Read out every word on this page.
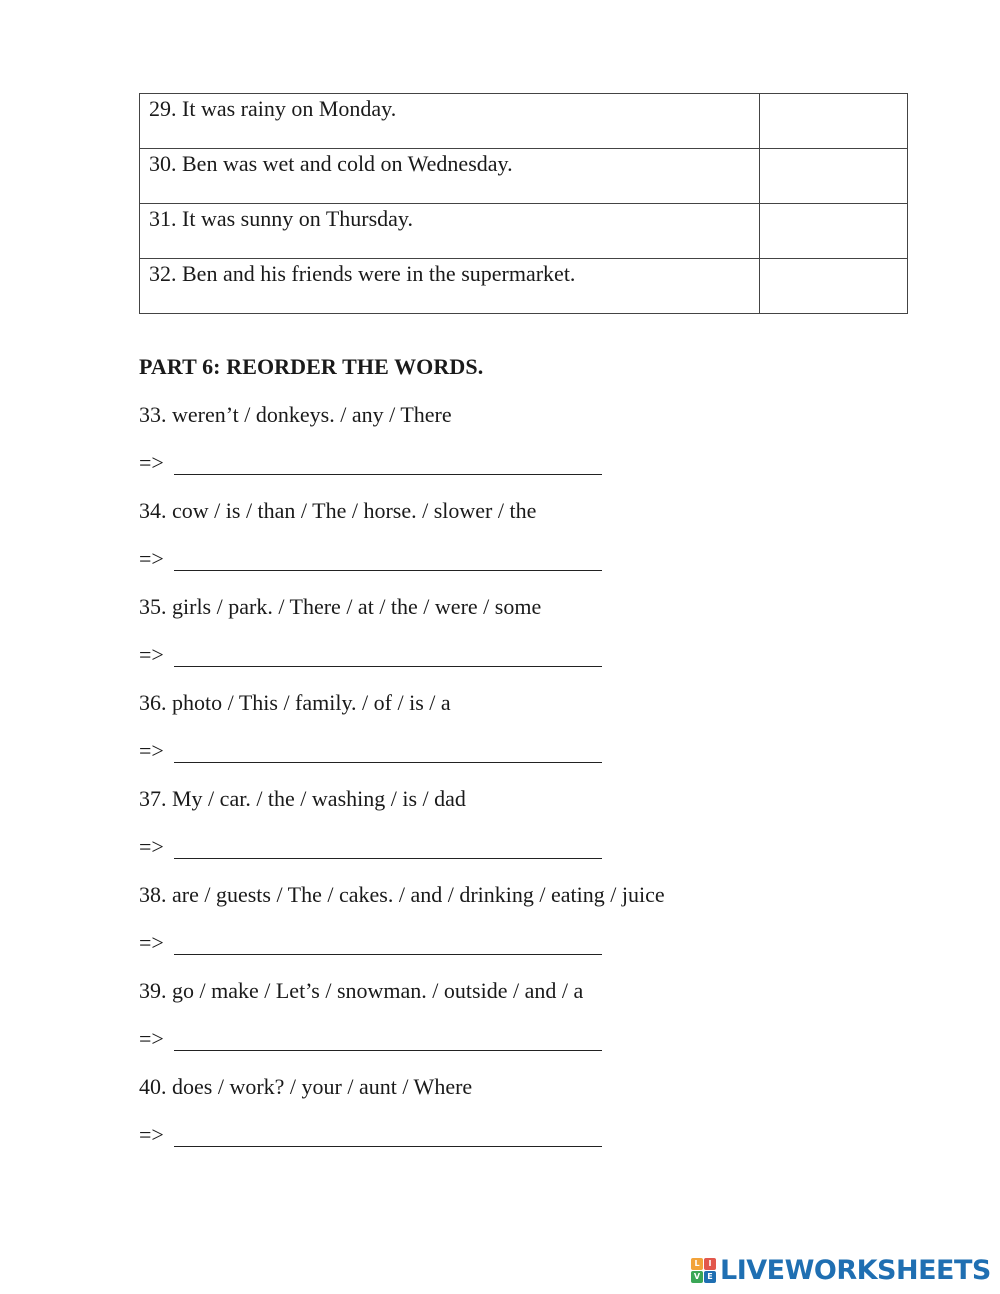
29. It was rainy on Monday.	
30. Ben was wet and cold on Wednesday.	
31. It was sunny on Thursday.	
32. Ben and his friends were in the supermarket.	
PART 6: REORDER THE WORDS.
33. weren’t / donkeys. / any / There
=>
34. cow / is / than / The / horse. / slower / the
=>
35. girls / park. / There / at / the / were / some
=>
36. photo / This / family. / of / is / a
=>
37. My / car. / the / washing / is / dad
=>
38. are / guests / The / cakes. / and / drinking / eating / juice
=>
39. go / make / Let’s / snowman. / outside / and / a
=>
40. does / work? / your / aunt / Where
=>
L	I
V E LIVEWORKSHEETS
